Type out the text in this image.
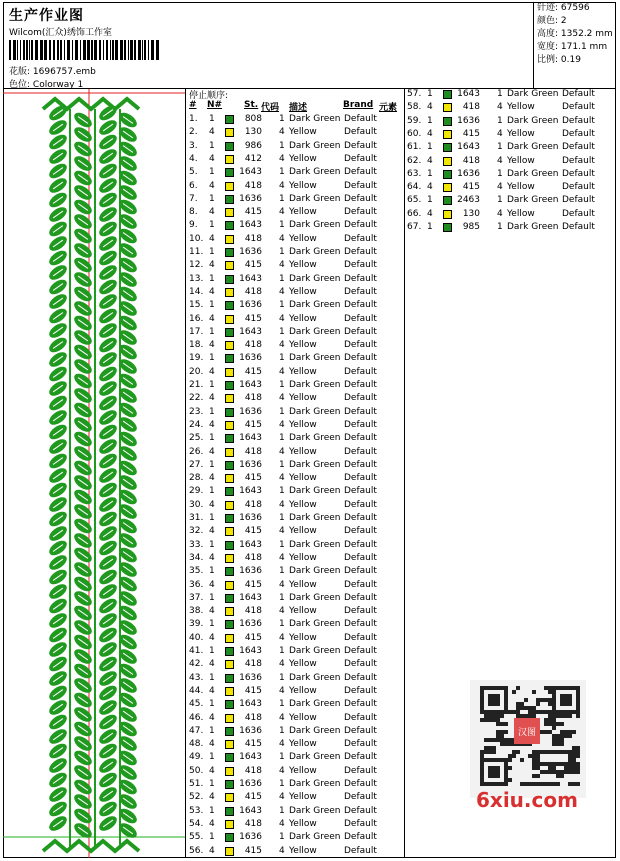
生产作业图
Wilcom(汇众)绣饰工作室
花版: 1696757.emb
色位: Colorway 1
针迹: 67596
颜色: 2
高度: 1352.2 mm
宽度: 171.1 mm
比例: 0.19
停止顺序:
# N# St. 代码 描述	Brand 元素
1. 1	808 1 Dark Green Default
2. 4	130 4 Yellow	Default
3. 1	986 1 Dark Green Default
4. 4	412 4 Yellow	Default
5. 1	1643 1 Dark Green Default
6. 4	418 4 Yellow	Default
7. 1	1636 1 Dark Green Default
8. 4	415 4 Yellow	Default
9. 1	1643 1 Dark Green Default
10. 4	418 4 Yellow	Default
11. 1	1636 1 Dark Green Default
12. 4	415 4 Yellow	Default
13. 1	1643 1 Dark Green Default
14. 4	418 4 Yellow	Default
15. 1	1636 1 Dark Green Default
16. 4	415 4 Yellow	Default
17. 1	1643 1 Dark Green Default
18. 4	418 4 Yellow	Default
19. 1	1636 1 Dark Green Default
20. 4	415 4 Yellow	Default
21. 1	1643 1 Dark Green Default
22. 4	418 4 Yellow	Default
23. 1	1636 1 Dark Green Default
24. 4	415 4 Yellow	Default
25. 1	1643 1 Dark Green Default
26. 4	418 4 Yellow	Default
27. 1	1636 1 Dark Green Default
28. 4	415 4 Yellow	Default
29. 1	1643 1 Dark Green Default
30. 4	418 4 Yellow	Default
31. 1	1636 1 Dark Green Default
32. 4	415 4 Yellow	Default
33. 1	1643 1 Dark Green Default
34. 4	418 4 Yellow	Default
35. 1	1636 1 Dark Green Default
36. 4	415 4 Yellow	Default
37. 1	1643 1 Dark Green Default
38. 4	418 4 Yellow	Default
39. 1	1636 1 Dark Green Default
40. 4	415 4 Yellow	Default
41. 1	1643 1 Dark Green Default
42. 4	418 4 Yellow	Default
43. 1	1636 1 Dark Green Default
44. 4	415 4 Yellow	Default
45. 1	1643 1 Dark Green Default
46. 4	418 4 Yellow	Default
47. 1	1636 1 Dark Green Default
48. 4	415 4 Yellow	Default
49. 1	1643 1 Dark Green Default
50. 4	418 4 Yellow	Default
51. 1	1636 1 Dark Green Default
52. 4	415 4 Yellow	Default
53. 1	1643 1 Dark Green Default
54. 4	418 4 Yellow	Default
55. 1	1636 1 Dark Green Default
56. 4	415 4 Yellow	Default
57. 1	1643 1 Dark Green Default
58. 4	418 4 Yellow	Default
59. 1	1636 1 Dark Green Default
60. 4	415 4 Yellow	Default
61. 1	1643 1 Dark Green Default
62. 4	418 4 Yellow	Default
63. 1	1636 1 Dark Green Default
64. 4	415 4 Yellow	Default
65. 1	2463 1 Dark Green Default
66. 4	130 4 Yellow	Default
67. 1	985 1 Dark Green Default
汉图
6xiu.com
